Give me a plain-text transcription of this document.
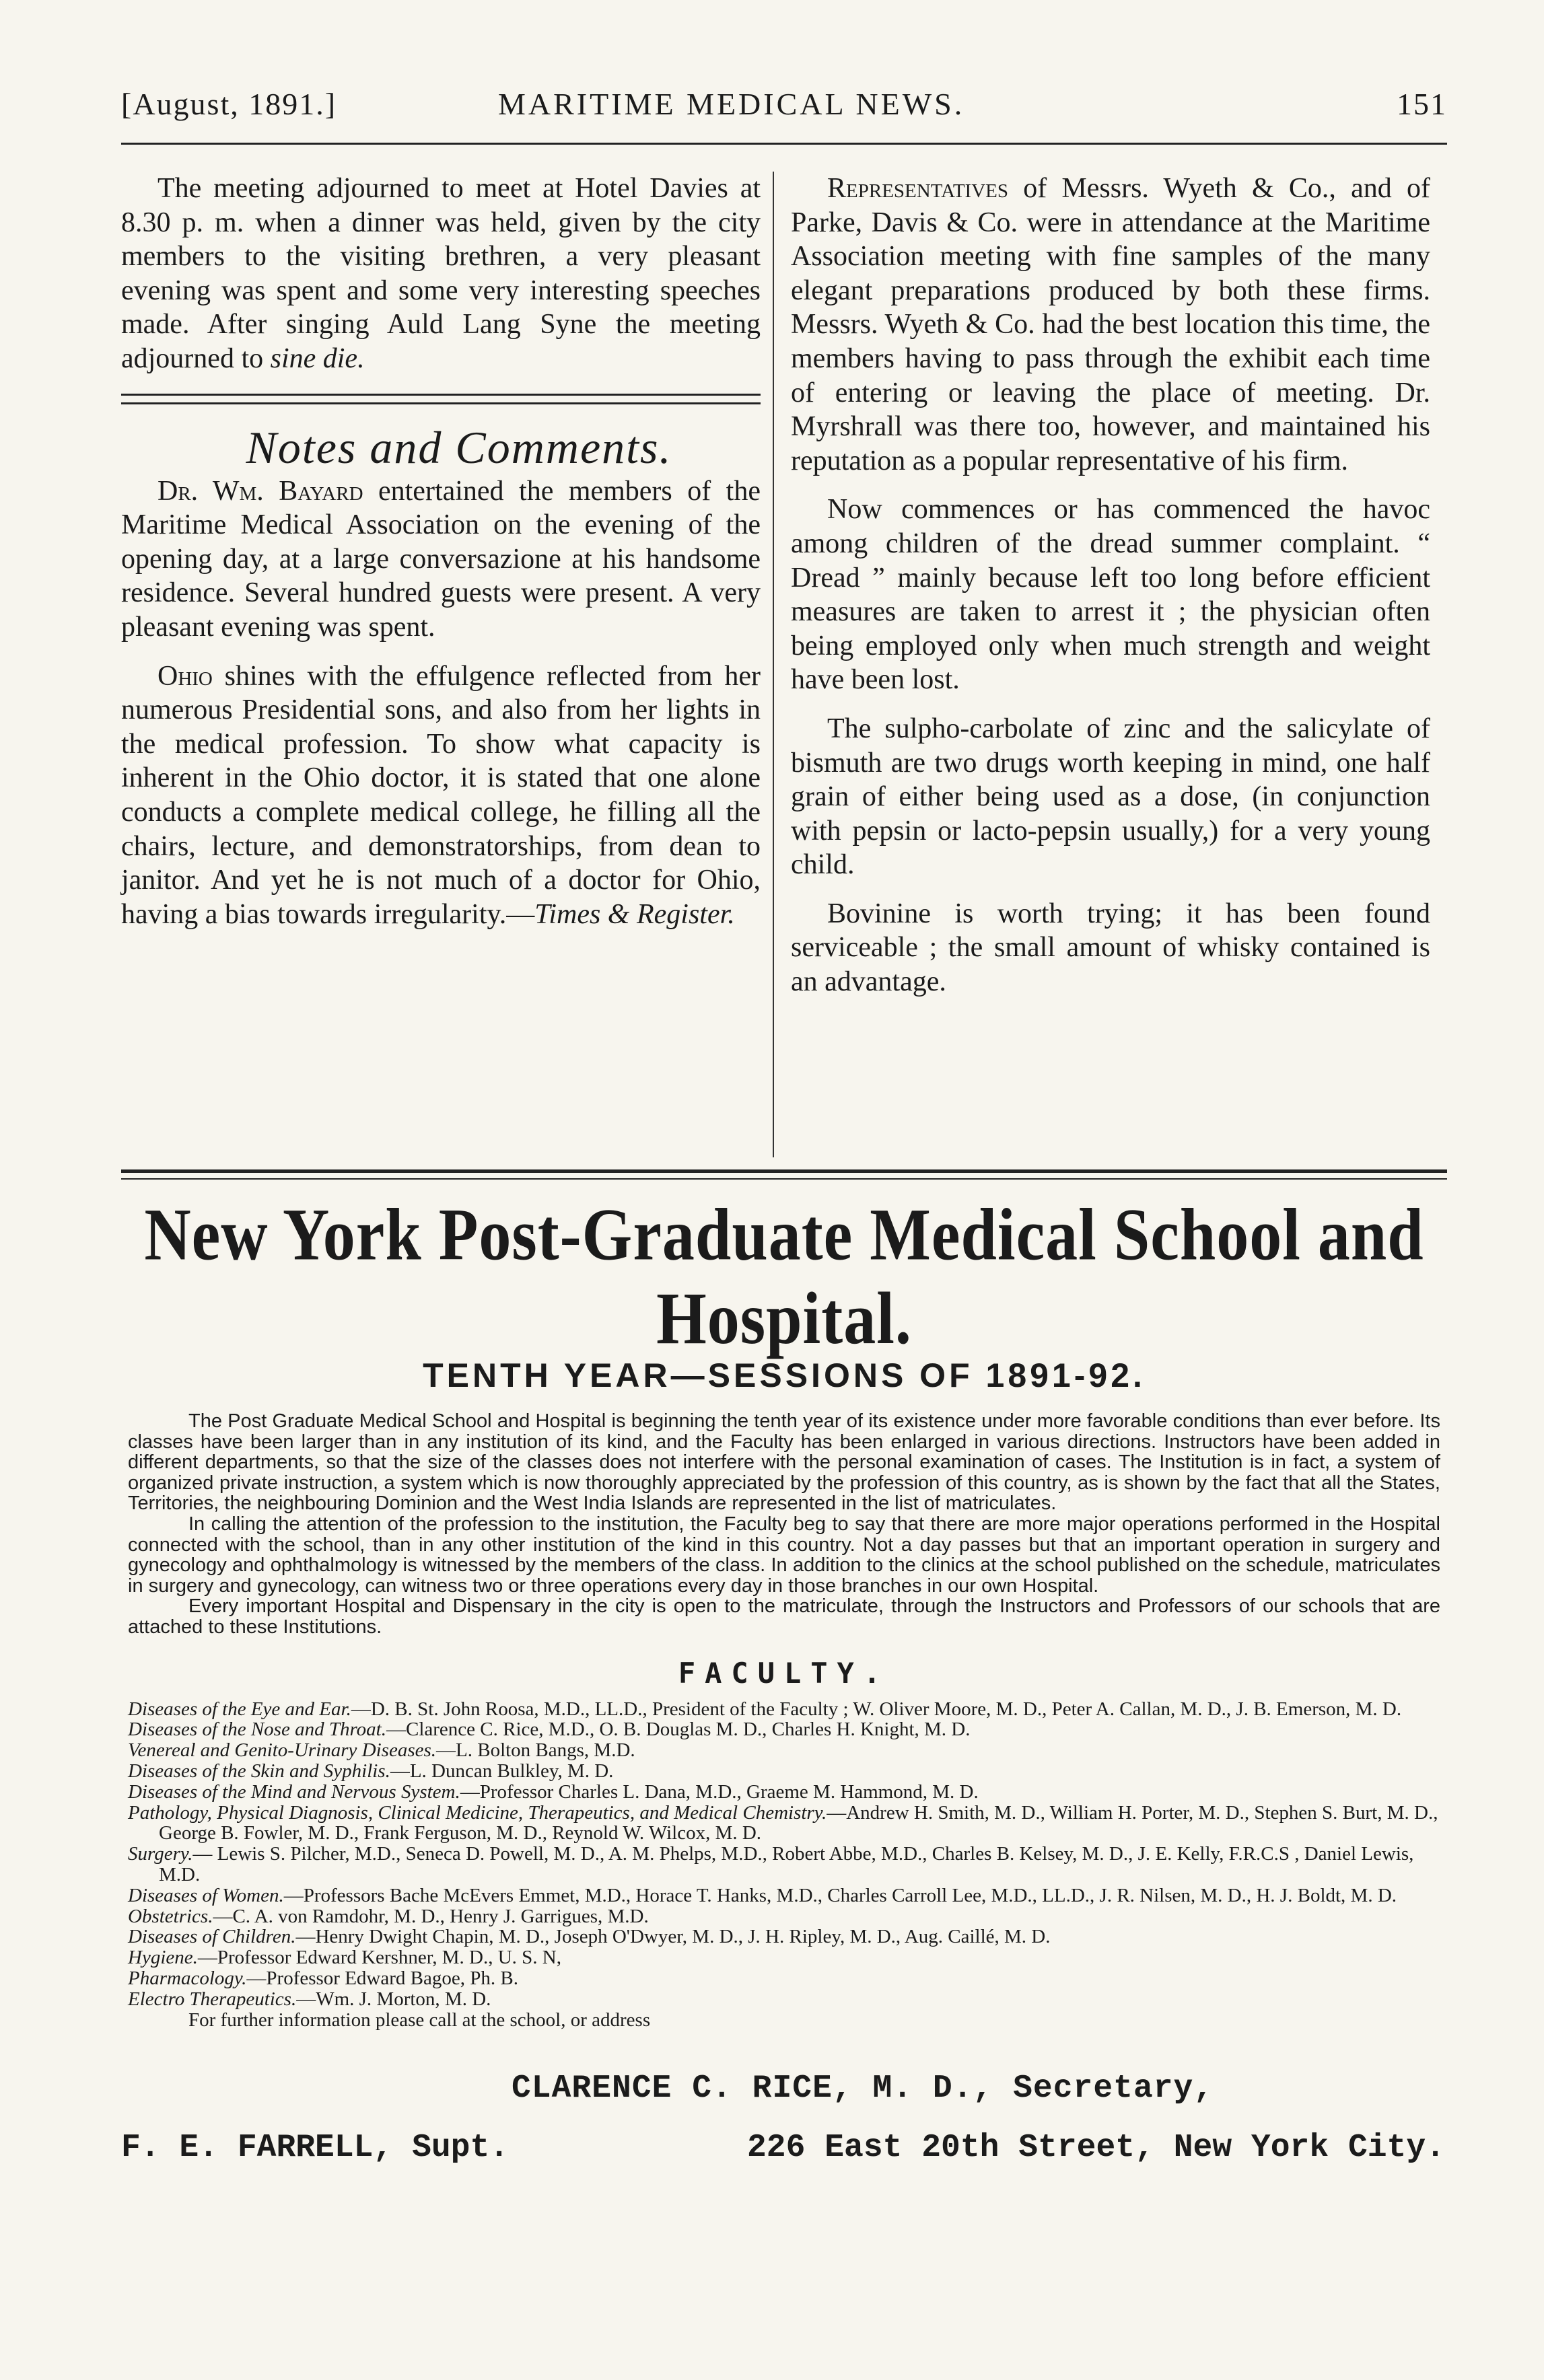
[August, 1891.]	MARITIME MEDICAL NEWS.	151

The meeting adjourned to meet at Hotel Davies at 8.30 p. m. when a dinner was held, given by the city members to the visiting brethren, a very pleasant evening was spent and some very interesting speeches made. After singing Auld Lang Syne the meeting adjourned to sine die.

Notes and Comments.

Dr. Wm. Bayard entertained the members of the Maritime Medical Association on the evening of the opening day, at a large conversazione at his handsome residence. Several hundred guests were present. A very pleasant evening was spent.

Ohio shines with the effulgence reflected from her numerous Presidential sons, and also from her lights in the medical profession. To show what capacity is inherent in the Ohio doctor, it is stated that one alone conducts a complete medical college, he filling all the chairs, lecture, and demonstratorships, from dean to janitor. And yet he is not much of a doctor for Ohio, having a bias towards irregularity.—Times & Register.

Representatives of Messrs. Wyeth & Co., and of Parke, Davis & Co. were in attendance at the Maritime Association meeting with fine samples of the many elegant preparations produced by both these firms. Messrs. Wyeth & Co. had the best location this time, the members having to pass through the exhibit each time of entering or leaving the place of meeting. Dr. Myrshrall was there too, however, and maintained his reputation as a popular representative of his firm.

Now commences or has commenced the havoc among children of the dread summer complaint. “ Dread ” mainly because left too long before efficient measures are taken to arrest it ; the physician often being employed only when much strength and weight have been lost.

The sulpho-carbolate of zinc and the salicylate of bismuth are two drugs worth keeping in mind, one half grain of either being used as a dose, (in conjunction with pepsin or lacto-pepsin usually,) for a very young child.

Bovinine is worth trying; it has been found serviceable ; the small amount of whisky contained is an advantage.

New York Post-Graduate Medical School and Hospital.
TENTH YEAR—SESSIONS OF 1891-92.

The Post Graduate Medical School and Hospital is beginning the tenth year of its existence under more favorable conditions than ever before. Its classes have been larger than in any institution of its kind, and the Faculty has been enlarged in various directions. Instructors have been added in different departments, so that the size of the classes does not interfere with the personal examination of cases. The Institution is in fact, a system of organized private instruction, a system which is now thoroughly appreciated by the profession of this country, as is shown by the fact that all the States, Territories, the neighbouring Dominion and the West India Islands are represented in the list of matriculates.

In calling the attention of the profession to the institution, the Faculty beg to say that there are more major operations performed in the Hospital connected with the school, than in any other institution of the kind in this country. Not a day passes but that an important operation in surgery and gynecology and ophthalmology is witnessed by the members of the class. In addition to the clinics at the school published on the schedule, matriculates in surgery and gynecology, can witness two or three operations every day in those branches in our own Hospital.

Every important Hospital and Dispensary in the city is open to the matriculate, through the Instructors and Professors of our schools that are attached to these Institutions.

FACULTY.
Diseases of the Eye and Ear.—D. B. St. John Roosa, M.D., LL.D., President of the Faculty ; W. Oliver Moore, M. D., Peter A. Callan, M. D., J. B. Emerson, M. D.
Diseases of the Nose and Throat.—Clarence C. Rice, M.D., O. B. Douglas M. D., Charles H. Knight, M. D.
Venereal and Genito-Urinary Diseases.—L. Bolton Bangs, M.D.
Diseases of the Skin and Syphilis.—L. Duncan Bulkley, M. D.
Diseases of the Mind and Nervous System.—Professor Charles L. Dana, M.D., Graeme M. Hammond, M. D.
Pathology, Physical Diagnosis, Clinical Medicine, Therapeutics, and Medical Chemistry.—Andrew H. Smith, M. D., William H. Porter, M. D., Stephen S. Burt, M. D., George B. Fowler, M. D., Frank Ferguson, M. D., Reynold W. Wilcox, M. D.
Surgery.— Lewis S. Pilcher, M.D., Seneca D. Powell, M. D., A. M. Phelps, M.D., Robert Abbe, M.D., Charles B. Kelsey, M. D., J. E. Kelly, F.R.C.S , Daniel Lewis, M.D.
Diseases of Women.—Professors Bache McEvers Emmet, M.D., Horace T. Hanks, M.D., Charles Carroll Lee, M.D., LL.D., J. R. Nilsen, M. D., H. J. Boldt, M. D.
Obstetrics.—C. A. von Ramdohr, M. D., Henry J. Garrigues, M.D.
Diseases of Children.—Henry Dwight Chapin, M. D., Joseph O'Dwyer, M. D., J. H. Ripley, M. D., Aug. Caillé, M. D.
Hygiene.—Professor Edward Kershner, M. D., U. S. N,
Pharmacology.—Professor Edward Bagoe, Ph. B.
Electro Therapeutics.—Wm. J. Morton, M. D.
For further information please call at the school, or address
CLARENCE C. RICE, M. D., Secretary,
F. E. FARRELL, Supt.	226 East 20th Street, New York City.
